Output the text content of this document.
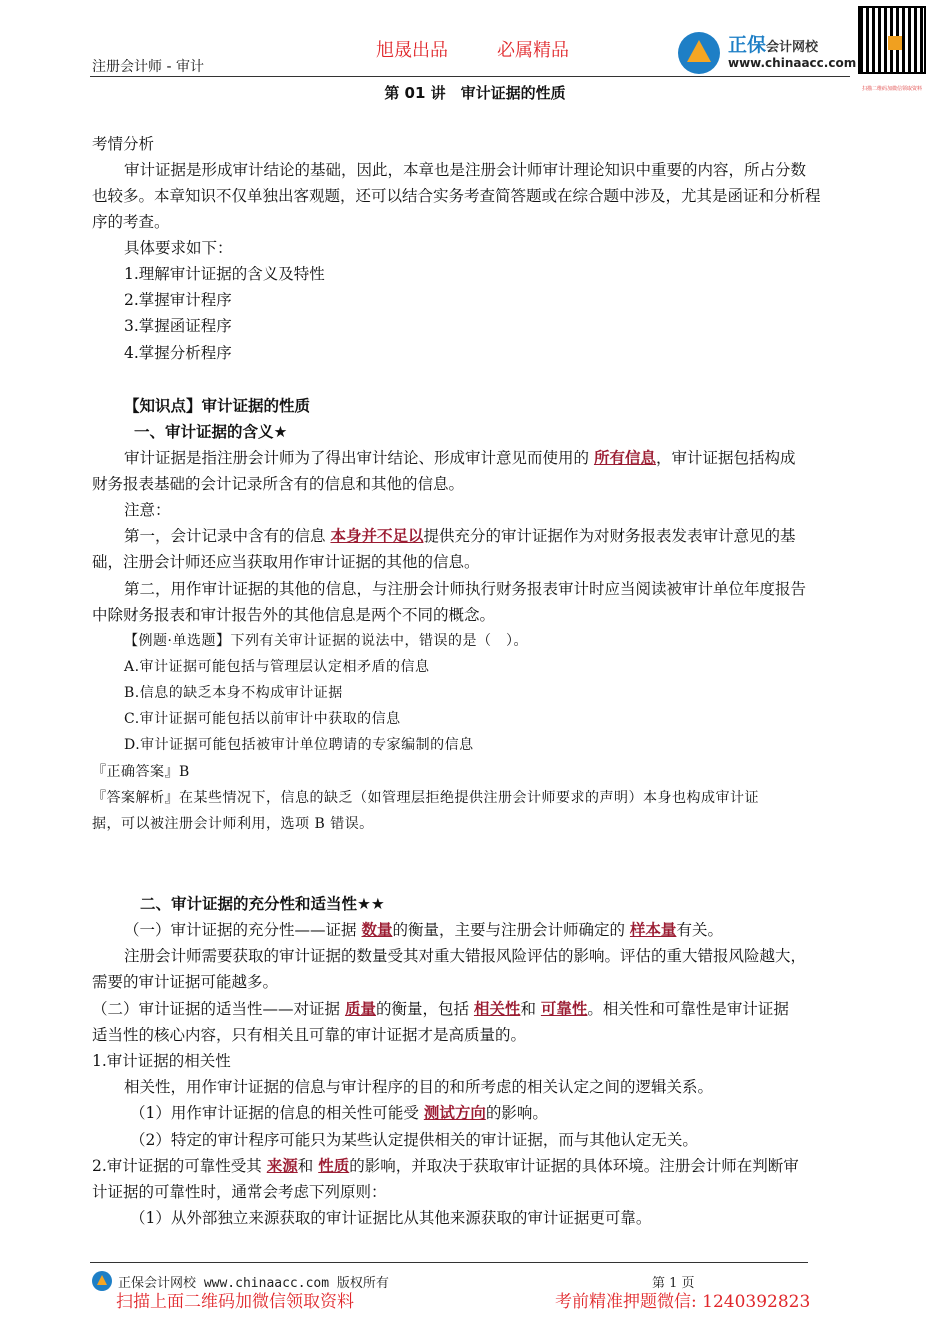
注册会计师 - 审计
旭晟出品	必属精品	正保会计网校
www.chinaacc.com
扫描二维码加微信领取资料
第 01 讲　审计证据的性质
考情分析
审计证据是形成审计结论的基础，因此，本章也是注册会计师审计理论知识中重要的内容，所占分数
也较多。本章知识不仅单独出客观题，还可以结合实务考查简答题或在综合题中涉及，尤其是函证和分析程
序的考查。
具体要求如下：
1.理解审计证据的含义及特性
2.掌握审计程序
3.掌握函证程序
4.掌握分析程序
【知识点】审计证据的性质
一、审计证据的含义★
审计证据是指注册会计师为了得出审计结论、形成审计意见而使用的 所有信息，审计证据包括构成
财务报表基础的会计记录所含有的信息和其他的信息。
注意：
第一，会计记录中含有的信息 本身并不足以提供充分的审计证据作为对财务报表发表审计意见的基
础，注册会计师还应当获取用作审计证据的其他的信息。
第二，用作审计证据的其他的信息，与注册会计师执行财务报表审计时应当阅读被审计单位年度报告
中除财务报表和审计报告外的其他信息是两个不同的概念。
【例题·单选题】下列有关审计证据的说法中，错误的是（　）。
A.审计证据可能包括与管理层认定相矛盾的信息
B.信息的缺乏本身不构成审计证据
C.审计证据可能包括以前审计中获取的信息
D.审计证据可能包括被审计单位聘请的专家编制的信息
『正确答案』B
『答案解析』在某些情况下，信息的缺乏（如管理层拒绝提供注册会计师要求的声明）本身也构成审计证
据，可以被注册会计师利用，选项 B 错误。
二、审计证据的充分性和适当性★★
（一）审计证据的充分性——证据 数量的衡量，主要与注册会计师确定的 样本量有关。
注册会计师需要获取的审计证据的数量受其对重大错报风险评估的影响。评估的重大错报风险越大，
需要的审计证据可能越多。
（二）审计证据的适当性——对证据 质量的衡量，包括 相关性和 可靠性。相关性和可靠性是审计证据
适当性的核心内容，只有相关且可靠的审计证据才是高质量的。
1.审计证据的相关性
相关性，用作审计证据的信息与审计程序的目的和所考虑的相关认定之间的逻辑关系。
（1）用作审计证据的信息的相关性可能受 测试方向的影响。
（2）特定的审计程序可能只为某些认定提供相关的审计证据，而与其他认定无关。
2.审计证据的可靠性受其 来源和 性质的影响，并取决于获取审计证据的具体环境。注册会计师在判断审
计证据的可靠性时，通常会考虑下列原则：
（1）从外部独立来源获取的审计证据比从其他来源获取的审计证据更可靠。
正保会计网校 www.chinaacc.com 版权所有	第 1 页
扫描上面二维码加微信领取资料	考前精准押题微信: 1240392823
